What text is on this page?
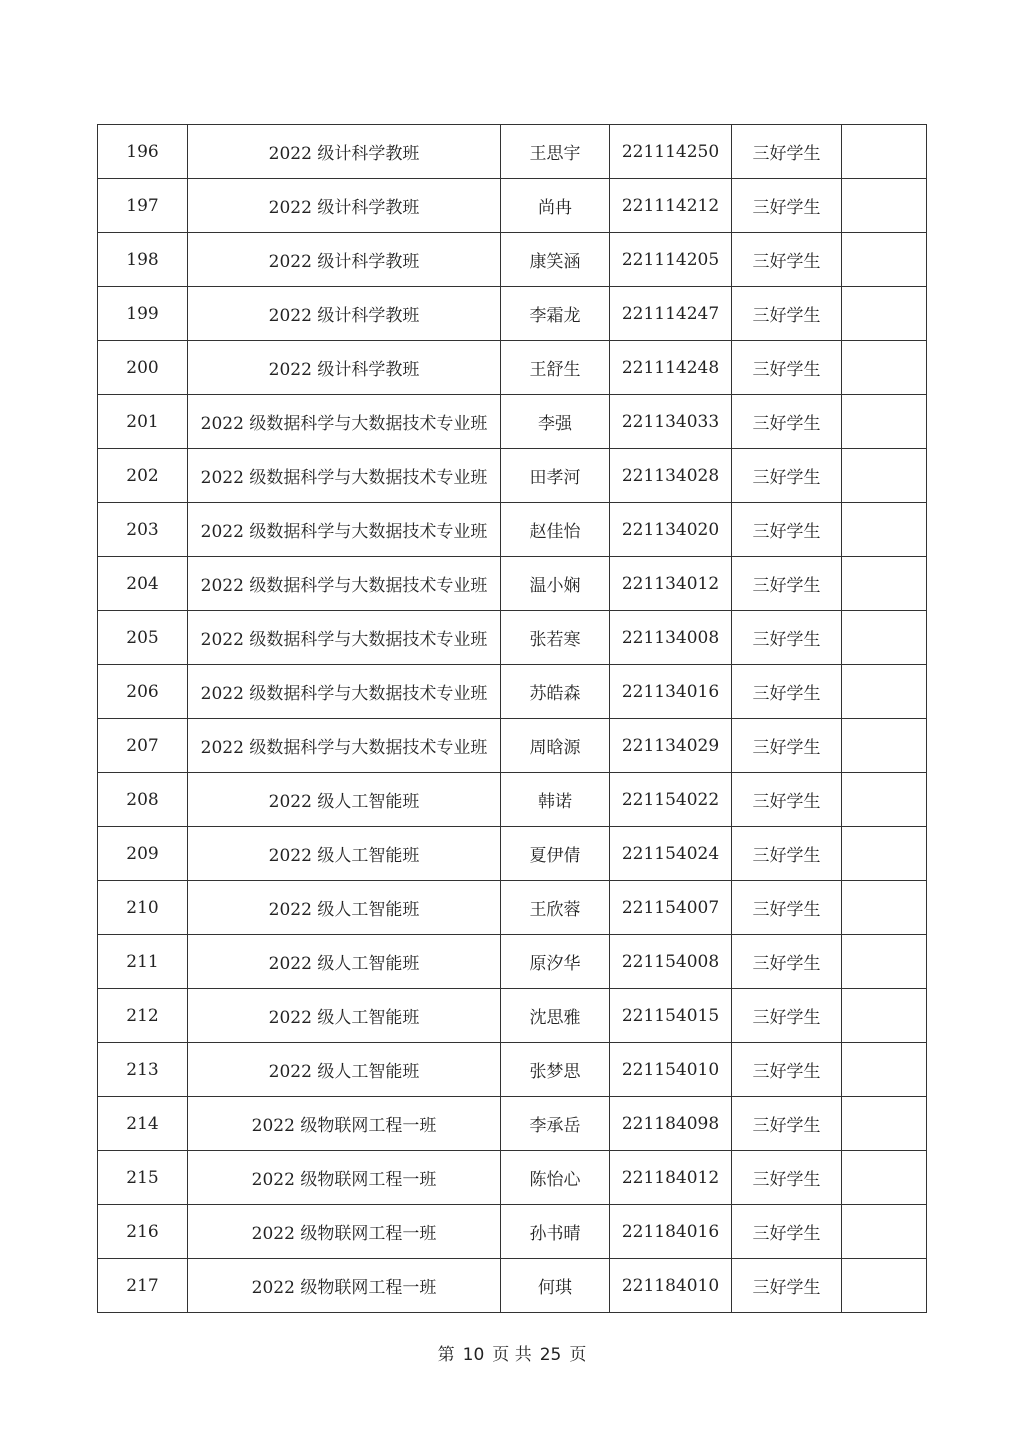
196	2022 级计科学教班	王思宇	221114250	三好学生	
197	2022 级计科学教班	尚冉	221114212	三好学生	
198	2022 级计科学教班	康笑涵	221114205	三好学生	
199	2022 级计科学教班	李霜龙	221114247	三好学生	
200	2022 级计科学教班	王舒生	221114248	三好学生	
201	2022 级数据科学与大数据技术专业班	李强	221134033	三好学生	
202	2022 级数据科学与大数据技术专业班	田孝河	221134028	三好学生	
203	2022 级数据科学与大数据技术专业班	赵佳怡	221134020	三好学生	
204	2022 级数据科学与大数据技术专业班	温小娴	221134012	三好学生	
205	2022 级数据科学与大数据技术专业班	张若寒	221134008	三好学生	
206	2022 级数据科学与大数据技术专业班	苏皓森	221134016	三好学生	
207	2022 级数据科学与大数据技术专业班	周晗源	221134029	三好学生	
208	2022 级人工智能班	韩诺	221154022	三好学生	
209	2022 级人工智能班	夏伊倩	221154024	三好学生	
210	2022 级人工智能班	王欣蓉	221154007	三好学生	
211	2022 级人工智能班	原汐华	221154008	三好学生	
212	2022 级人工智能班	沈思雅	221154015	三好学生	
213	2022 级人工智能班	张梦思	221154010	三好学生	
214	2022 级物联网工程一班	李承岳	221184098	三好学生	
215	2022 级物联网工程一班	陈怡心	221184012	三好学生	
216	2022 级物联网工程一班	孙书晴	221184016	三好学生	
217	2022 级物联网工程一班	何琪	221184010	三好学生	
第 10 页 共 25 页
